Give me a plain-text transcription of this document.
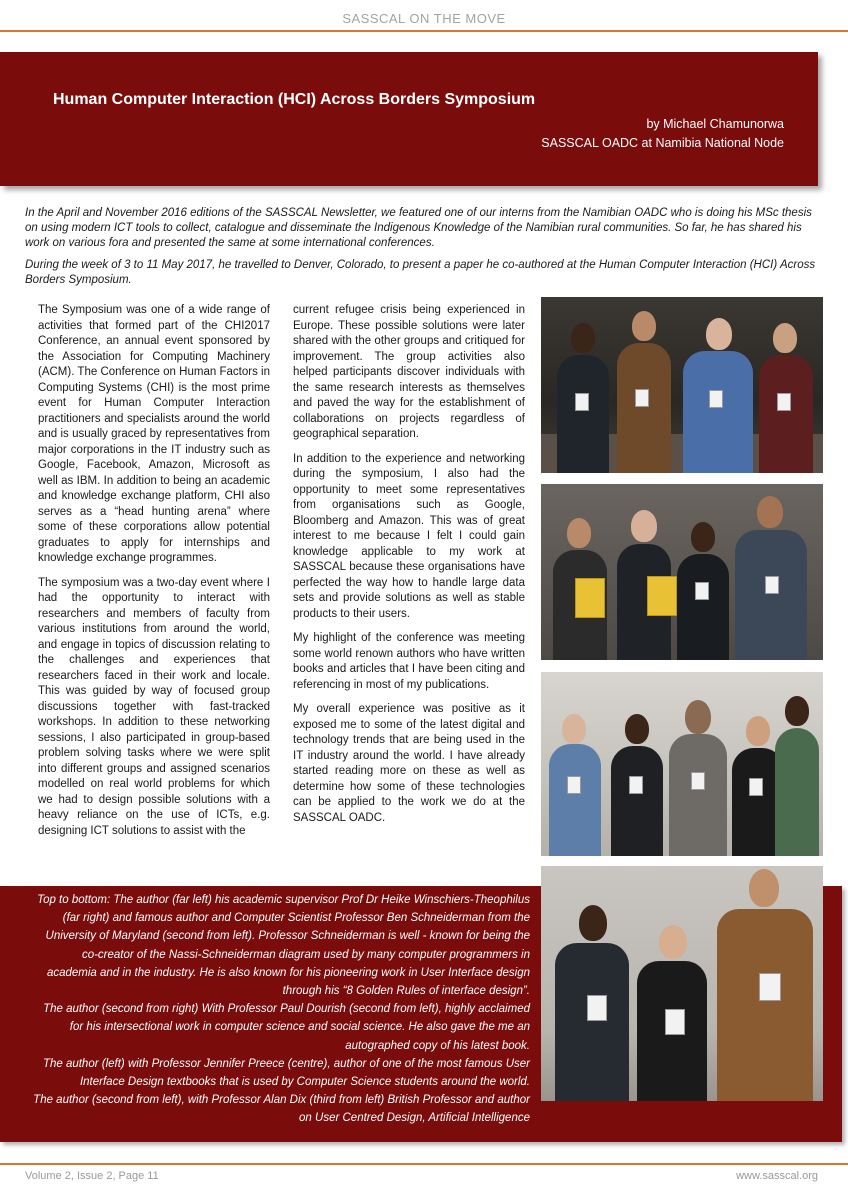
SASSCAL ON THE MOVE
Human Computer Interaction (HCI) Across Borders Symposium
by Michael Chamunorwa
SASSCAL OADC at Namibia National Node

In the April and November 2016 editions of the SASSCAL Newsletter, we featured one of our interns from the Namibian OADC who is doing his MSc thesis on using modern ICT tools to collect, catalogue and disseminate the Indigenous Knowledge of the Namibian rural communities. So far, he has shared his work on various fora and presented the same at some international conferences.

During the week of 3 to 11 May 2017, he travelled to Denver, Colorado, to present a paper he co-authored at the Human Computer Interaction (HCI) Across Borders Symposium.

The Symposium was one of a wide range of activities that formed part of the CHI2017 Conference, an annual event sponsored by the Association for Computing Machinery (ACM). The Conference on Human Factors in Computing Systems (CHI) is the most prime event for Human Computer Interaction practitioners and specialists around the world and is usually graced by representatives from major corporations in the IT industry such as Google, Facebook, Amazon, Microsoft as well as IBM. In addition to being an academic and knowledge exchange platform, CHI also serves as a “head hunting arena” where some of these corporations allow potential graduates to apply for internships and knowledge exchange programmes.

The symposium was a two-day event where I had the opportunity to interact with researchers and members of faculty from various institutions from around the world, and engage in topics of discussion relating to the challenges and experiences that researchers faced in their work and locale. This was guided by way of focused group discussions together with fast-tracked workshops. In addition to these networking sessions, I also participated in group-based problem solving tasks where we were split into different groups and assigned scenarios modelled on real world problems for which we had to design possible solutions with a heavy reliance on the use of ICTs, e.g. designing ICT solutions to assist with the

current refugee crisis being experienced in Europe. These possible solutions were later shared with the other groups and critiqued for improvement. The group activities also helped participants discover individuals with the same research interests as themselves and paved the way for the establishment of collaborations on projects regardless of geographical separation.

In addition to the experience and networking during the symposium, I also had the opportunity to meet some representatives from organisations such as Google, Bloomberg and Amazon. This was of great interest to me because I felt I could gain knowledge applicable to my work at SASSCAL because these organisations have perfected the way how to handle large data sets and provide solutions as well as stable products to their users.

My highlight of the conference was meeting some world renown authors who have written books and articles that I have been citing and referencing in most of my publications.

My overall experience was positive as it exposed me to some of the latest digital and technology trends that are being used in the IT industry around the world. I have already started reading more on these as well as determine how some of these technologies can be applied to the work we do at the SASSCAL OADC.

Top to bottom: The author (far left) his academic supervisor Prof Dr Heike Winschiers-Theophilus (far right) and famous author and Computer Scientist Professor Ben Schneiderman from the University of Maryland (second from left). Professor Schneiderman is well - known for being the co-creator of the Nassi-Schneiderman diagram used by many computer programmers in academia and in the industry. He is also known for his pioneering work in User Interface design through his “8 Golden Rules of interface design”.

The author (second from right) With Professor Paul Dourish (second from left), highly acclaimed for his intersectional work in computer science and social science. He also gave the me an autographed copy of his latest book.

The author (left) with Professor Jennifer Preece (centre), author of one of the most famous User Interface Design textbooks that is used by Computer Science students around the world.

The author (second from left), with Professor Alan Dix (third from left) British Professor and author on User Centred Design, Artificial Intelligence

Volume 2, Issue 2, Page 11	www.sasscal.org
